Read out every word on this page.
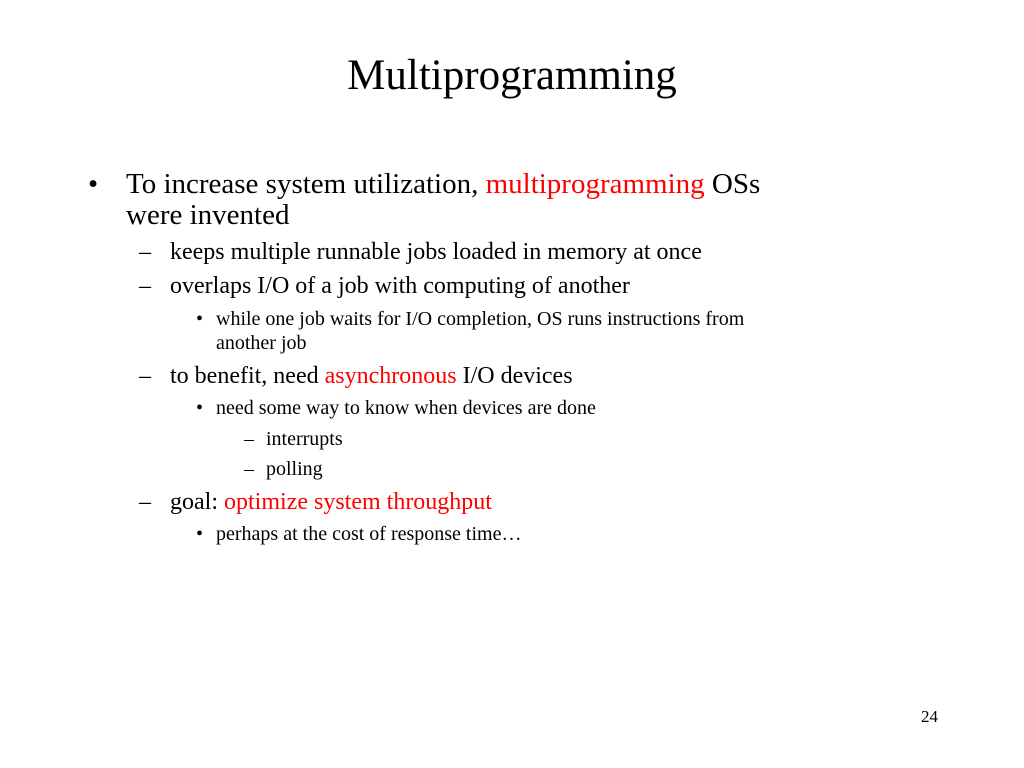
Multiprogramming
• To increase system utilization, multiprogramming OSs
were invented
– keeps multiple runnable jobs loaded in memory at once
– overlaps I/O of a job with computing of another
• while one job waits for I/O completion, OS runs instructions from
another job
– to benefit, need asynchronous I/O devices
• need some way to know when devices are done
– interrupts
– polling
– goal: optimize system throughput
• perhaps at the cost of response time…
24
